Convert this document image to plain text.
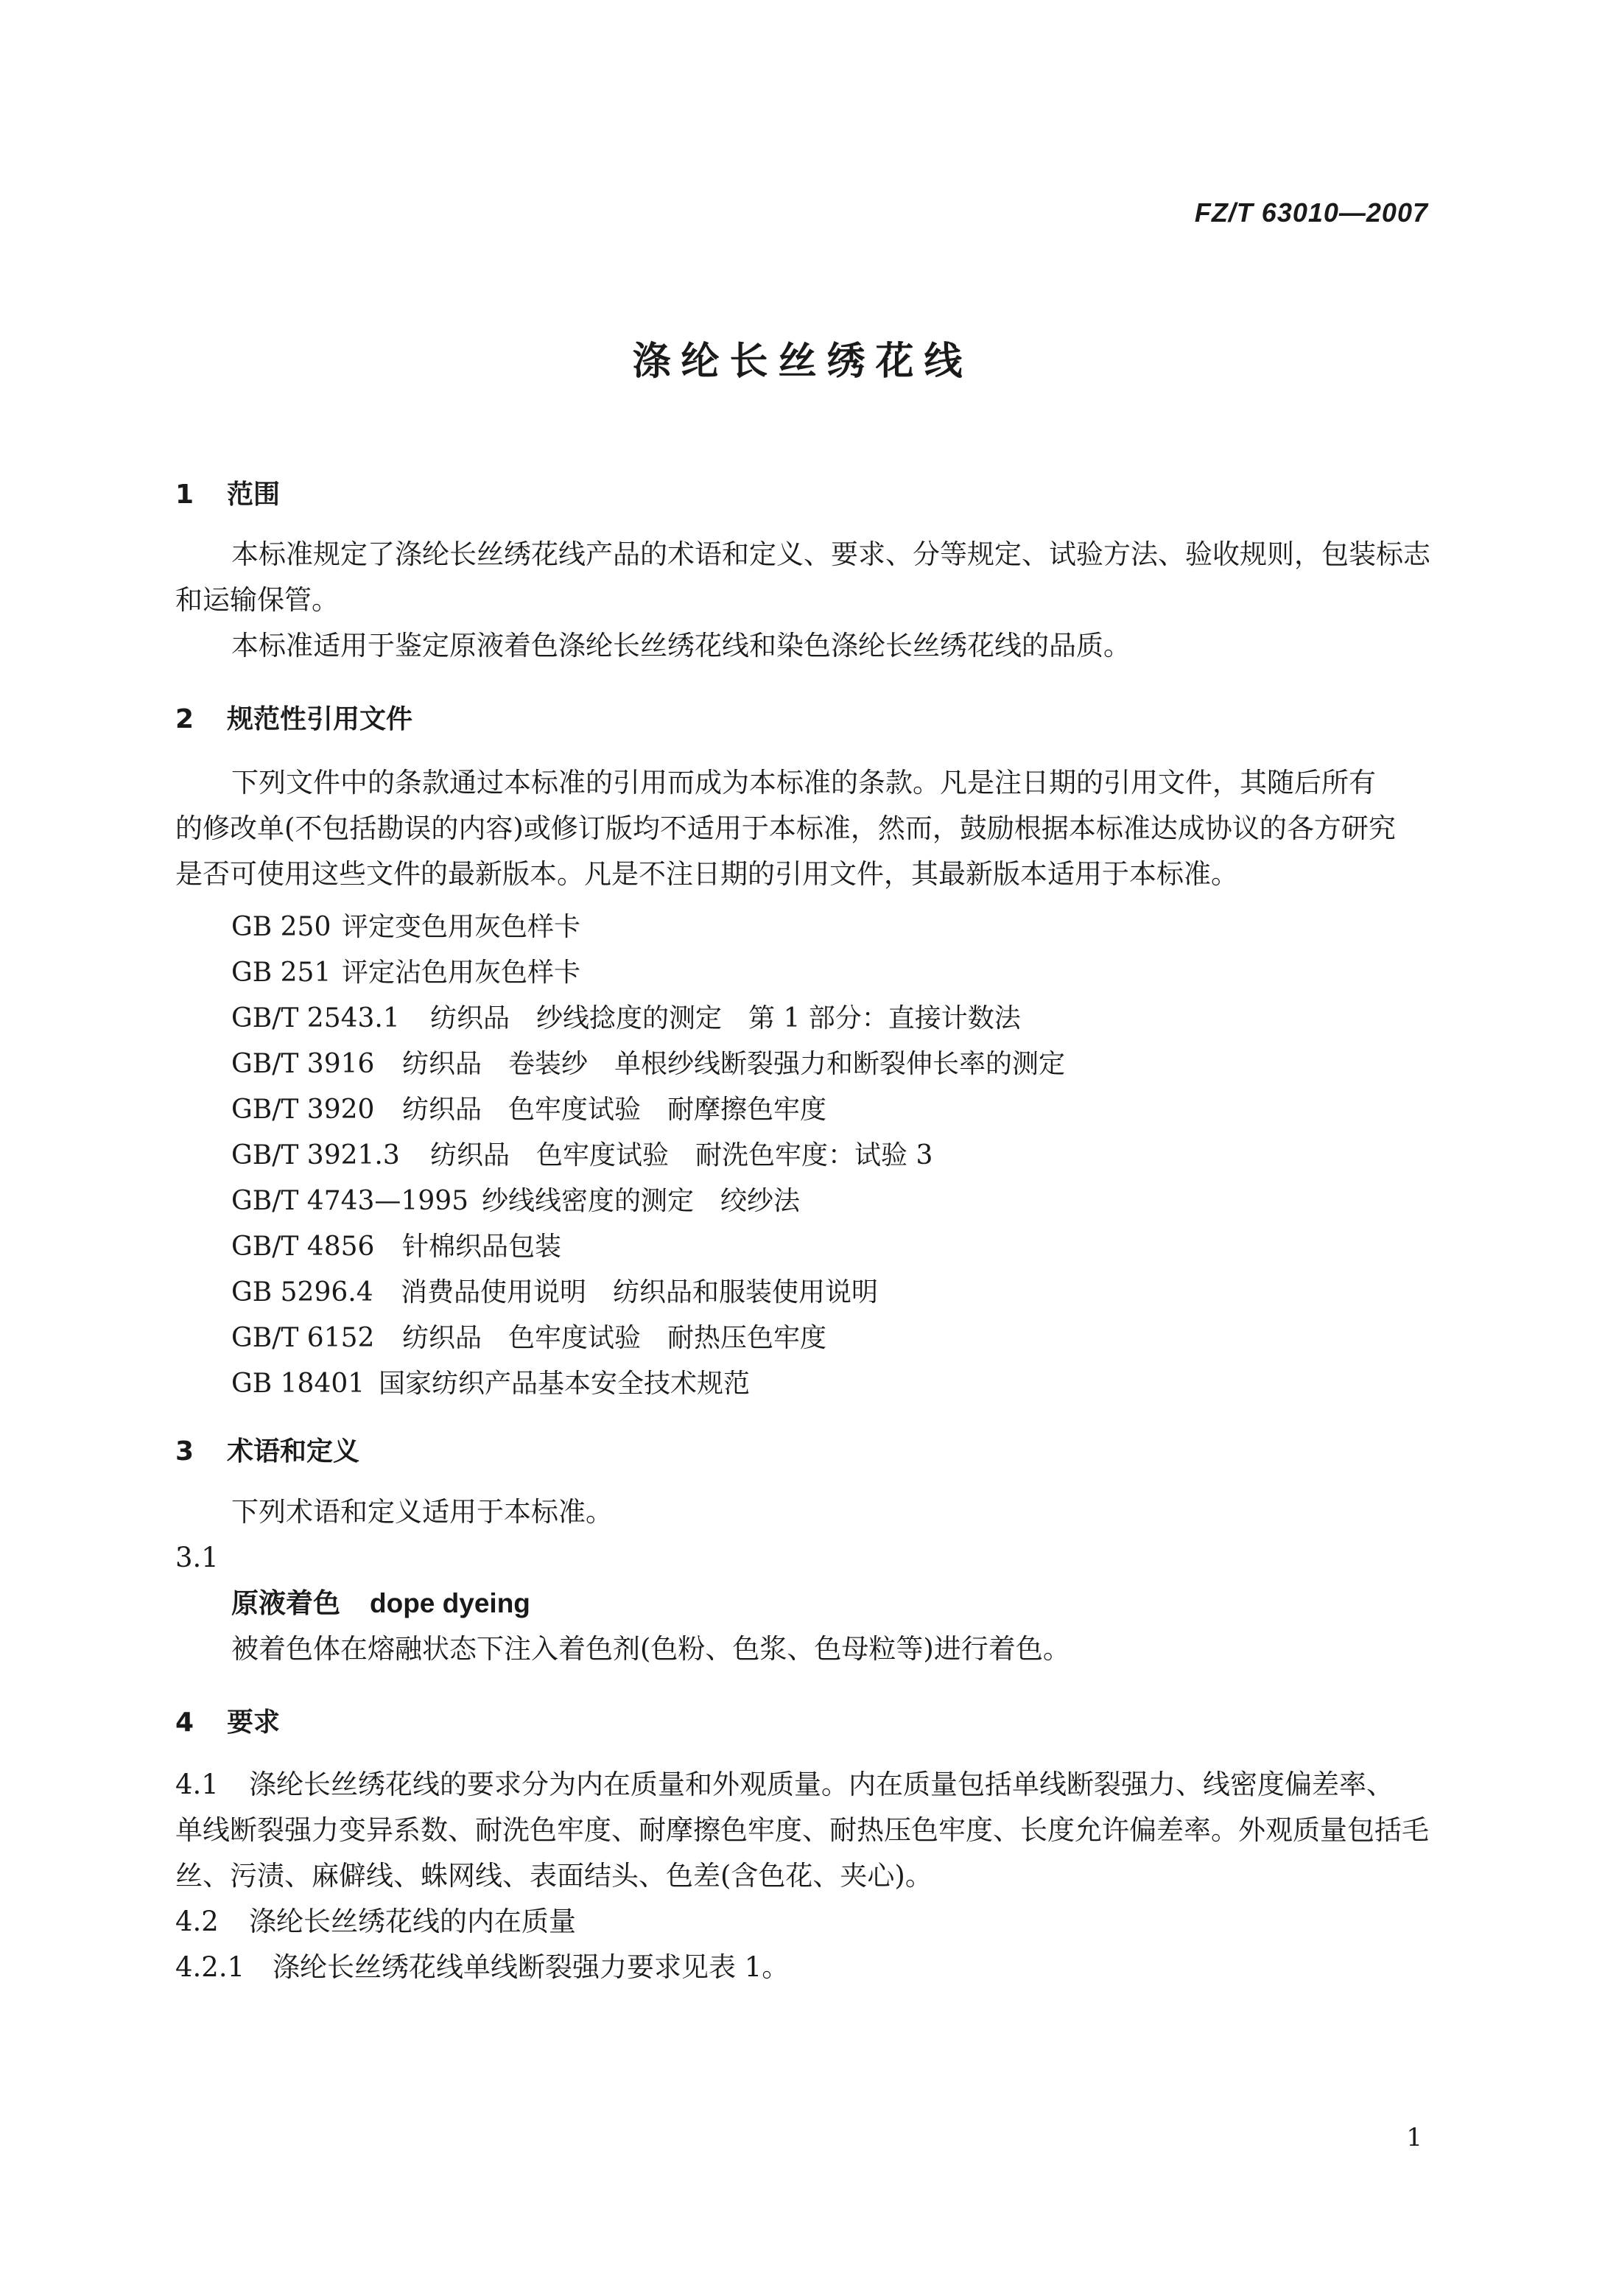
FZ/T 63010—2007
涤纶长丝绣花线
1 范围
本标准规定了涤纶长丝绣花线产品的术语和定义、要求、分等规定、试验方法、验收规则，包装标志
和运输保管。
本标准适用于鉴定原液着色涤纶长丝绣花线和染色涤纶长丝绣花线的品质。
2 规范性引用文件
下列文件中的条款通过本标准的引用而成为本标准的条款。凡是注日期的引用文件，其随后所有
的修改单(不包括勘误的内容)或修订版均不适用于本标准，然而，鼓励根据本标准达成协议的各方研究
是否可使用这些文件的最新版本。凡是不注日期的引用文件，其最新版本适用于本标准。
GB 250 评定变色用灰色样卡
GB 251 评定沾色用灰色样卡
GB/T 2543.1 纺织品　纱线捻度的测定　第 1 部分：直接计数法
GB/T 3916 纺织品　卷装纱　单根纱线断裂强力和断裂伸长率的测定
GB/T 3920 纺织品　色牢度试验　耐摩擦色牢度
GB/T 3921.3 纺织品　色牢度试验　耐洗色牢度：试验 3
GB/T 4743—1995 纱线线密度的测定　绞纱法
GB/T 4856 针棉织品包装
GB 5296.4 消费品使用说明　纺织品和服装使用说明
GB/T 6152 纺织品　色牢度试验　耐热压色牢度
GB 18401 国家纺织产品基本安全技术规范
3 术语和定义
下列术语和定义适用于本标准。
3.1
原液着色 dope dyeing
被着色体在熔融状态下注入着色剂(色粉、色浆、色母粒等)进行着色。
4 要求
4.1 涤纶长丝绣花线的要求分为内在质量和外观质量。内在质量包括单线断裂强力、线密度偏差率、
单线断裂强力变异系数、耐洗色牢度、耐摩擦色牢度、耐热压色牢度、长度允许偏差率。外观质量包括毛
丝、污渍、麻僻线、蛛网线、表面结头、色差(含色花、夹心)。
4.2 涤纶长丝绣花线的内在质量
4.2.1 涤纶长丝绣花线单线断裂强力要求见表 1。
1
